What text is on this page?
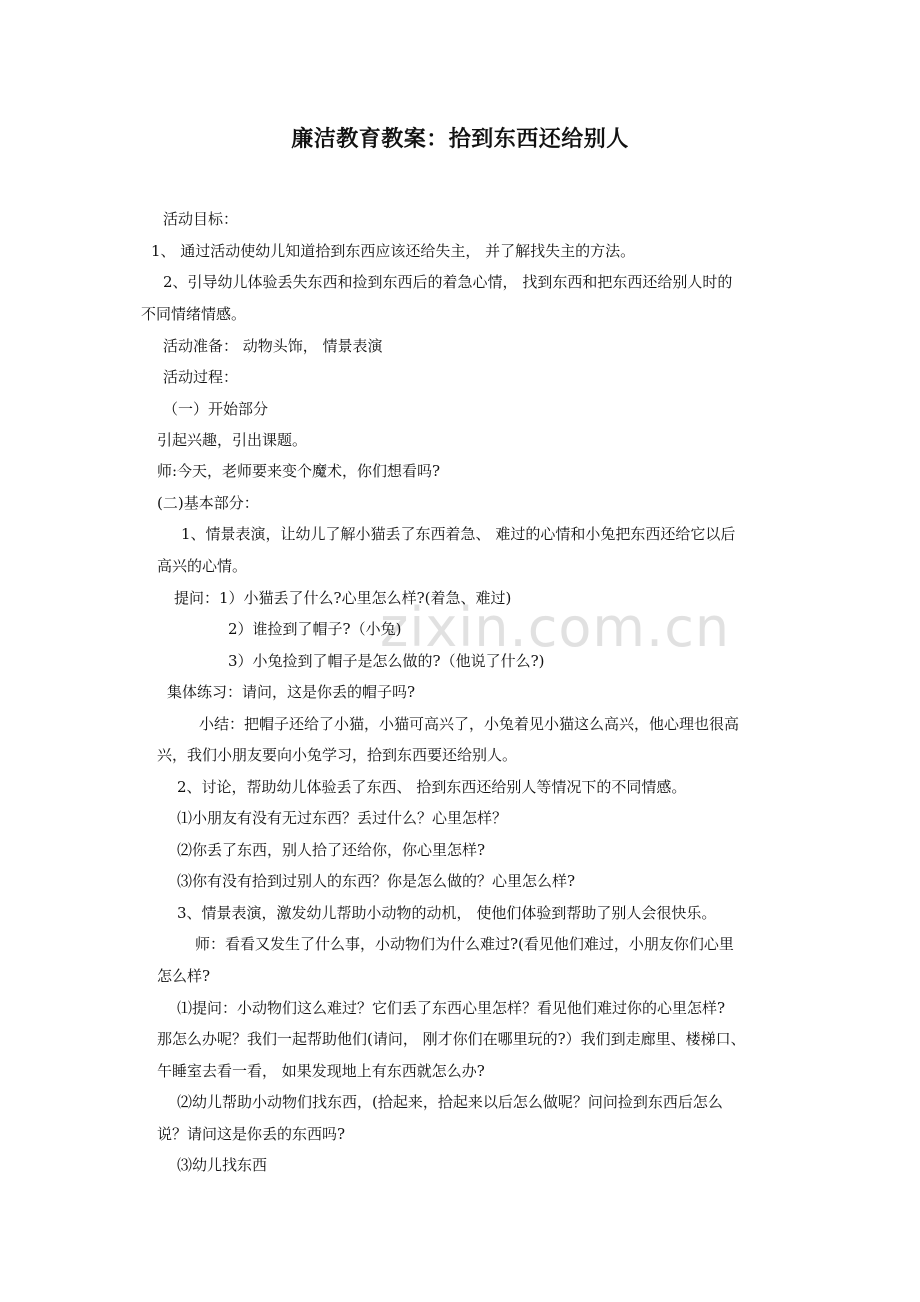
廉洁教育教案：拾到东西还给别人
zixin.com.cn
活动目标：
1、 通过活动使幼儿知道拾到东西应该还给失主， 并了解找失主的方法。
2、引导幼儿体验丢失东西和捡到东西后的着急心情， 找到东西和把东西还给别人时的
不同情绪情感。
活动准备： 动物头饰， 情景表演
活动过程：
（一）开始部分
引起兴趣，引出课题。
师:今天，老师要来变个魔术，你们想看吗?
(二)基本部分：
1、情景表演，让幼儿了解小猫丢了东西着急、 难过的心情和小兔把东西还给它以后
高兴的心情。
提问：1）小猫丢了什么?心里怎么样?(着急、难过)
2）谁捡到了帽子?（小兔)
3）小兔捡到了帽子是怎么做的?（他说了什么?)
集体练习：请问，这是你丢的帽子吗?
小结：把帽子还给了小猫，小猫可高兴了，小兔着见小猫这么高兴，他心理也很高
兴，我们小朋友要向小兔学习，拾到东西要还给别人。
2、讨论，帮助幼儿体验丢了东西、 拾到东西还给别人等情况下的不同情感。
⑴小朋友有没有无过东西？丢过什么？心里怎样？
⑵你丢了东西，别人拾了还给你，你心里怎样?
⑶你有没有拾到过别人的东西？你是怎么做的？心里怎么样?
3、情景表演，激发幼儿帮助小动物的动机， 使他们体验到帮助了别人会很快乐。
师：看看又发生了什么事，小动物们为什么难过?(看见他们难过，小朋友你们心里
怎么样?
⑴提问：小动物们这么难过？它们丢了东西心里怎样？看见他们难过你的心里怎样?
那怎么办呢？我们一起帮助他们(请问， 刚才你们在哪里玩的?）我们到走廊里、楼梯口、
午睡室去看一看， 如果发现地上有东西就怎么办?
⑵幼儿帮助小动物们找东西，(拾起来，拾起来以后怎么做呢？问问捡到东西后怎么
说？请问这是你丢的东西吗?
⑶幼儿找东西
